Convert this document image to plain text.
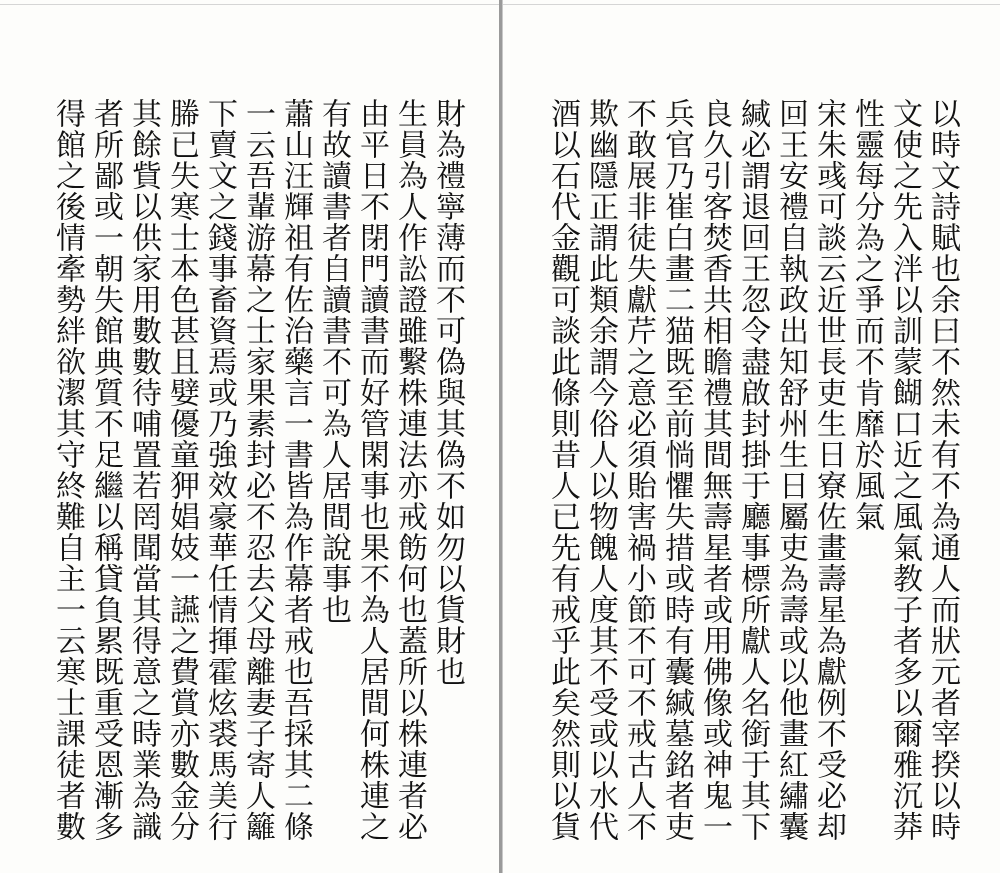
財為禮寧薄而不可偽與其偽不如勿以貨財也
生員為人作訟證雖繫株連法亦戒飭何也蓋所以株連者必
由平日不閉門讀書而好管閑事也果不為人居間何株連之
有故讀書者自讀書不可為人居間說事也
蕭山汪輝祖有佐治藥言一書皆為作幕者戒也吾採其二條
一云吾輩游幕之士家果素封必不忍去父母離妻子寄人籬
下賣文之錢事畜資焉或乃強效豪華任情揮霍炫裘馬美行
幐已失寒士本色甚且嬖優童狎娼妓一讌之費賞亦數金分
其餘貲以供家用數數待哺置若罔聞當其得意之時業為識
者所鄙或一朝失館典質不足繼以稱貸負累既重受恩漸多
得館之後情牽勢絆欲潔其守終難自主一云寒士課徒者數	以時文詩賦也余曰不然未有不為通人而狀元者宰揆以時
文使之先入泮以訓蒙餬口近之風氣教子者多以爾雅沉莽
性靈每分為之爭而不肯靡於風氣
宋朱彧可談云近世長吏生日寮佐畫壽星為獻例不受必却
回王安禮自執政出知舒州生日屬吏為壽或以他畫紅繡囊
緘必謂退回王忽令盡啟封掛于廳事標所獻人名銜于其下
良久引客焚香共相瞻禮其間無壽星者或用佛像或神鬼一
兵官乃崔白畫二猫既至前惝懼失措或時有囊緘墓銘者吏
不敢展非徒失獻芹之意必須貽害禍小節不可不戒古人不
欺幽隱正謂此類余謂今俗人以物餽人度其不受或以水代
酒以石代金觀可談此條則昔人已先有戒乎此矣然則以貨
